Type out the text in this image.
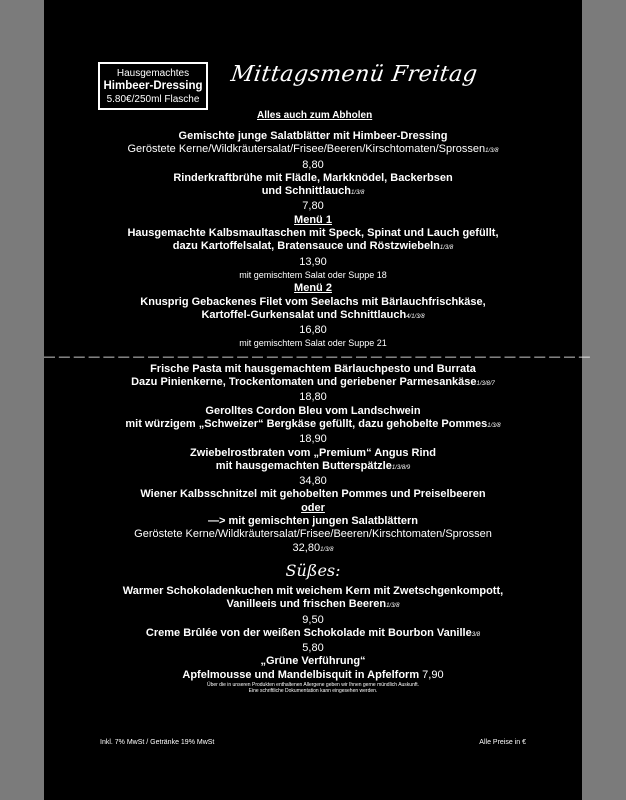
Hausgemachtes
Himbeer-Dressing
5.80€/250ml Flasche
Mittagsmenü Freitag
Alles auch zum Abholen
Gemischte junge Salatblätter mit Himbeer-Dressing
Geröstete Kerne/Wildkräutersalat/Frisee/Beeren/Kirschtomaten/Sprossen1/3/8
8,80
Rinderkraftbrühe mit Flädle, Markknödel, Backerbsen
und Schnittlauch1/3/8
7,80
Menü 1
Hausgemachte Kalbsmaultaschen mit Speck, Spinat und Lauch gefüllt,
dazu Kartoffelsalat, Bratensauce und Röstzwiebeln1/3/8
13,90
mit gemischtem Salat oder Suppe 18
Menü 2
Knusprig Gebackenes Filet vom Seelachs mit Bärlauchfrischkäse,
Kartoffel-Gurkensalat und Schnittlauch4/1/3/8
16,80
mit gemischtem Salat oder Suppe 21
— — — — — — — — — — — — — — — — — — — — — — — — — — — — — — — — — — — — —
Frische Pasta mit hausgemachtem Bärlauchpesto und Burrata
Dazu Pinienkerne, Trockentomaten und geriebener Parmesankäse1/3/8/7
18,80
Gerolltes Cordon Bleu vom Landschwein
mit würzigem „Schweizer“ Bergkäse gefüllt, dazu gehobelte Pommes1/3/8
18,90
Zwiebelrostbraten vom „Premium“ Angus Rind
mit hausgemachten Butterspätzle1/3/8/9
34,80
Wiener Kalbsschnitzel mit gehobelten Pommes und Preiselbeeren
oder
—> mit gemischten jungen Salatblättern
Geröstete Kerne/Wildkräutersalat/Frisee/Beeren/Kirschtomaten/Sprossen
32,801/3/8
Süßes:
Warmer Schokoladenkuchen mit weichem Kern mit Zwetschgenkompott,
Vanilleeis und frischen Beeren1/3/8
9,50
Creme Brûlée von der weißen Schokolade mit Bourbon Vanille3/8
5,80
„Grüne Verführung“
Apfelmousse und Mandelbisquit in Apfelform 7,90
Über die in unseren Produkten enthaltenen Allergene geben wir Ihnen gerne mündlich Auskunft.
Eine schriftliche Dokumentation kann eingesehen werden.
Inkl. 7% MwSt / Getränke 19% MwSt	Alle Preise in €
